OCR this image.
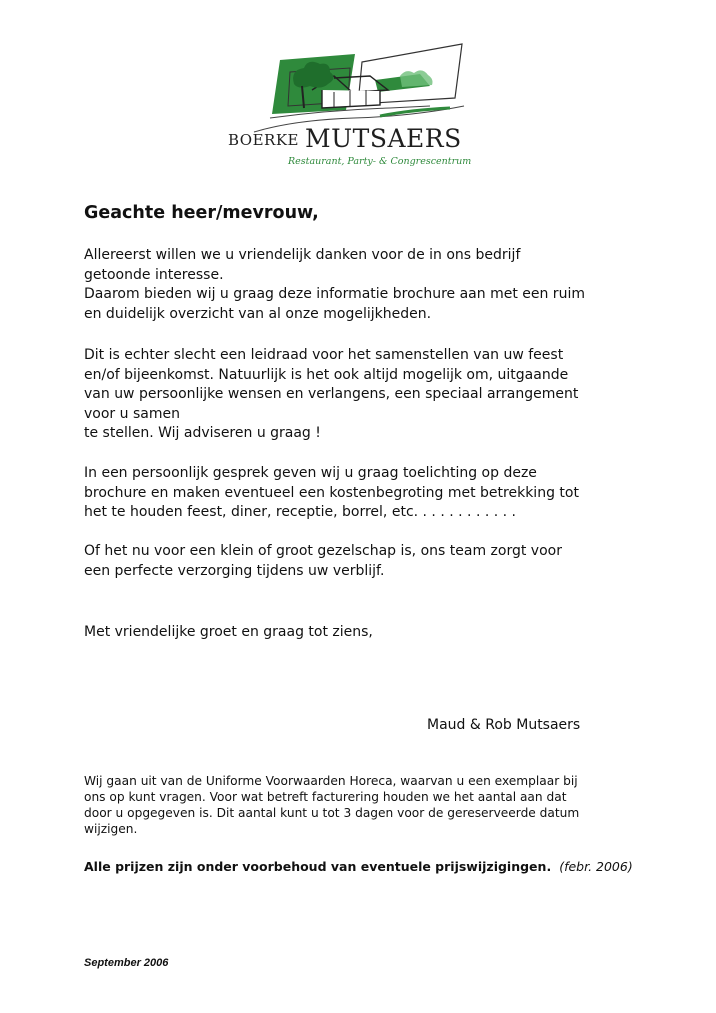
BOERKE MUTSAERS
Restaurant, Party- & Congrescentrum
Geachte heer/mevrouw,

Allereerst willen we u vriendelijk danken voor de in ons bedrijf
getoonde interesse.
Daarom bieden wij u graag deze informatie brochure aan met een ruim
en duidelijk overzicht van al onze mogelijkheden.

Dit is echter slecht een leidraad voor het samenstellen van uw feest
en/of bijeenkomst. Natuurlijk is het ook altijd mogelijk om, uitgaande
van uw persoonlijke wensen en verlangens, een speciaal arrangement
voor u samen
te stellen. Wij adviseren u graag !

In een persoonlijk gesprek geven wij u graag toelichting op deze
brochure en maken eventueel een kostenbegroting met betrekking tot
het te houden feest, diner, receptie, borrel, etc. . . . . . . . . . . .

Of het nu voor een klein of groot gezelschap is, ons team zorgt voor
een perfecte verzorging tijdens uw verblijf.

Met vriendelijke groet en graag tot ziens,

Maud & Rob Mutsaers

Wij gaan uit van de Uniforme Voorwaarden Horeca, waarvan u een exemplaar bij
ons op kunt vragen. Voor wat betreft facturering houden we het aantal aan dat
door u opgegeven is. Dit aantal kunt u tot 3 dagen voor de gereserveerde datum
wijzigen.

Alle prijzen zijn onder voorbehoud van eventuele prijswijzigingen. (febr. 2006)

September 2006
